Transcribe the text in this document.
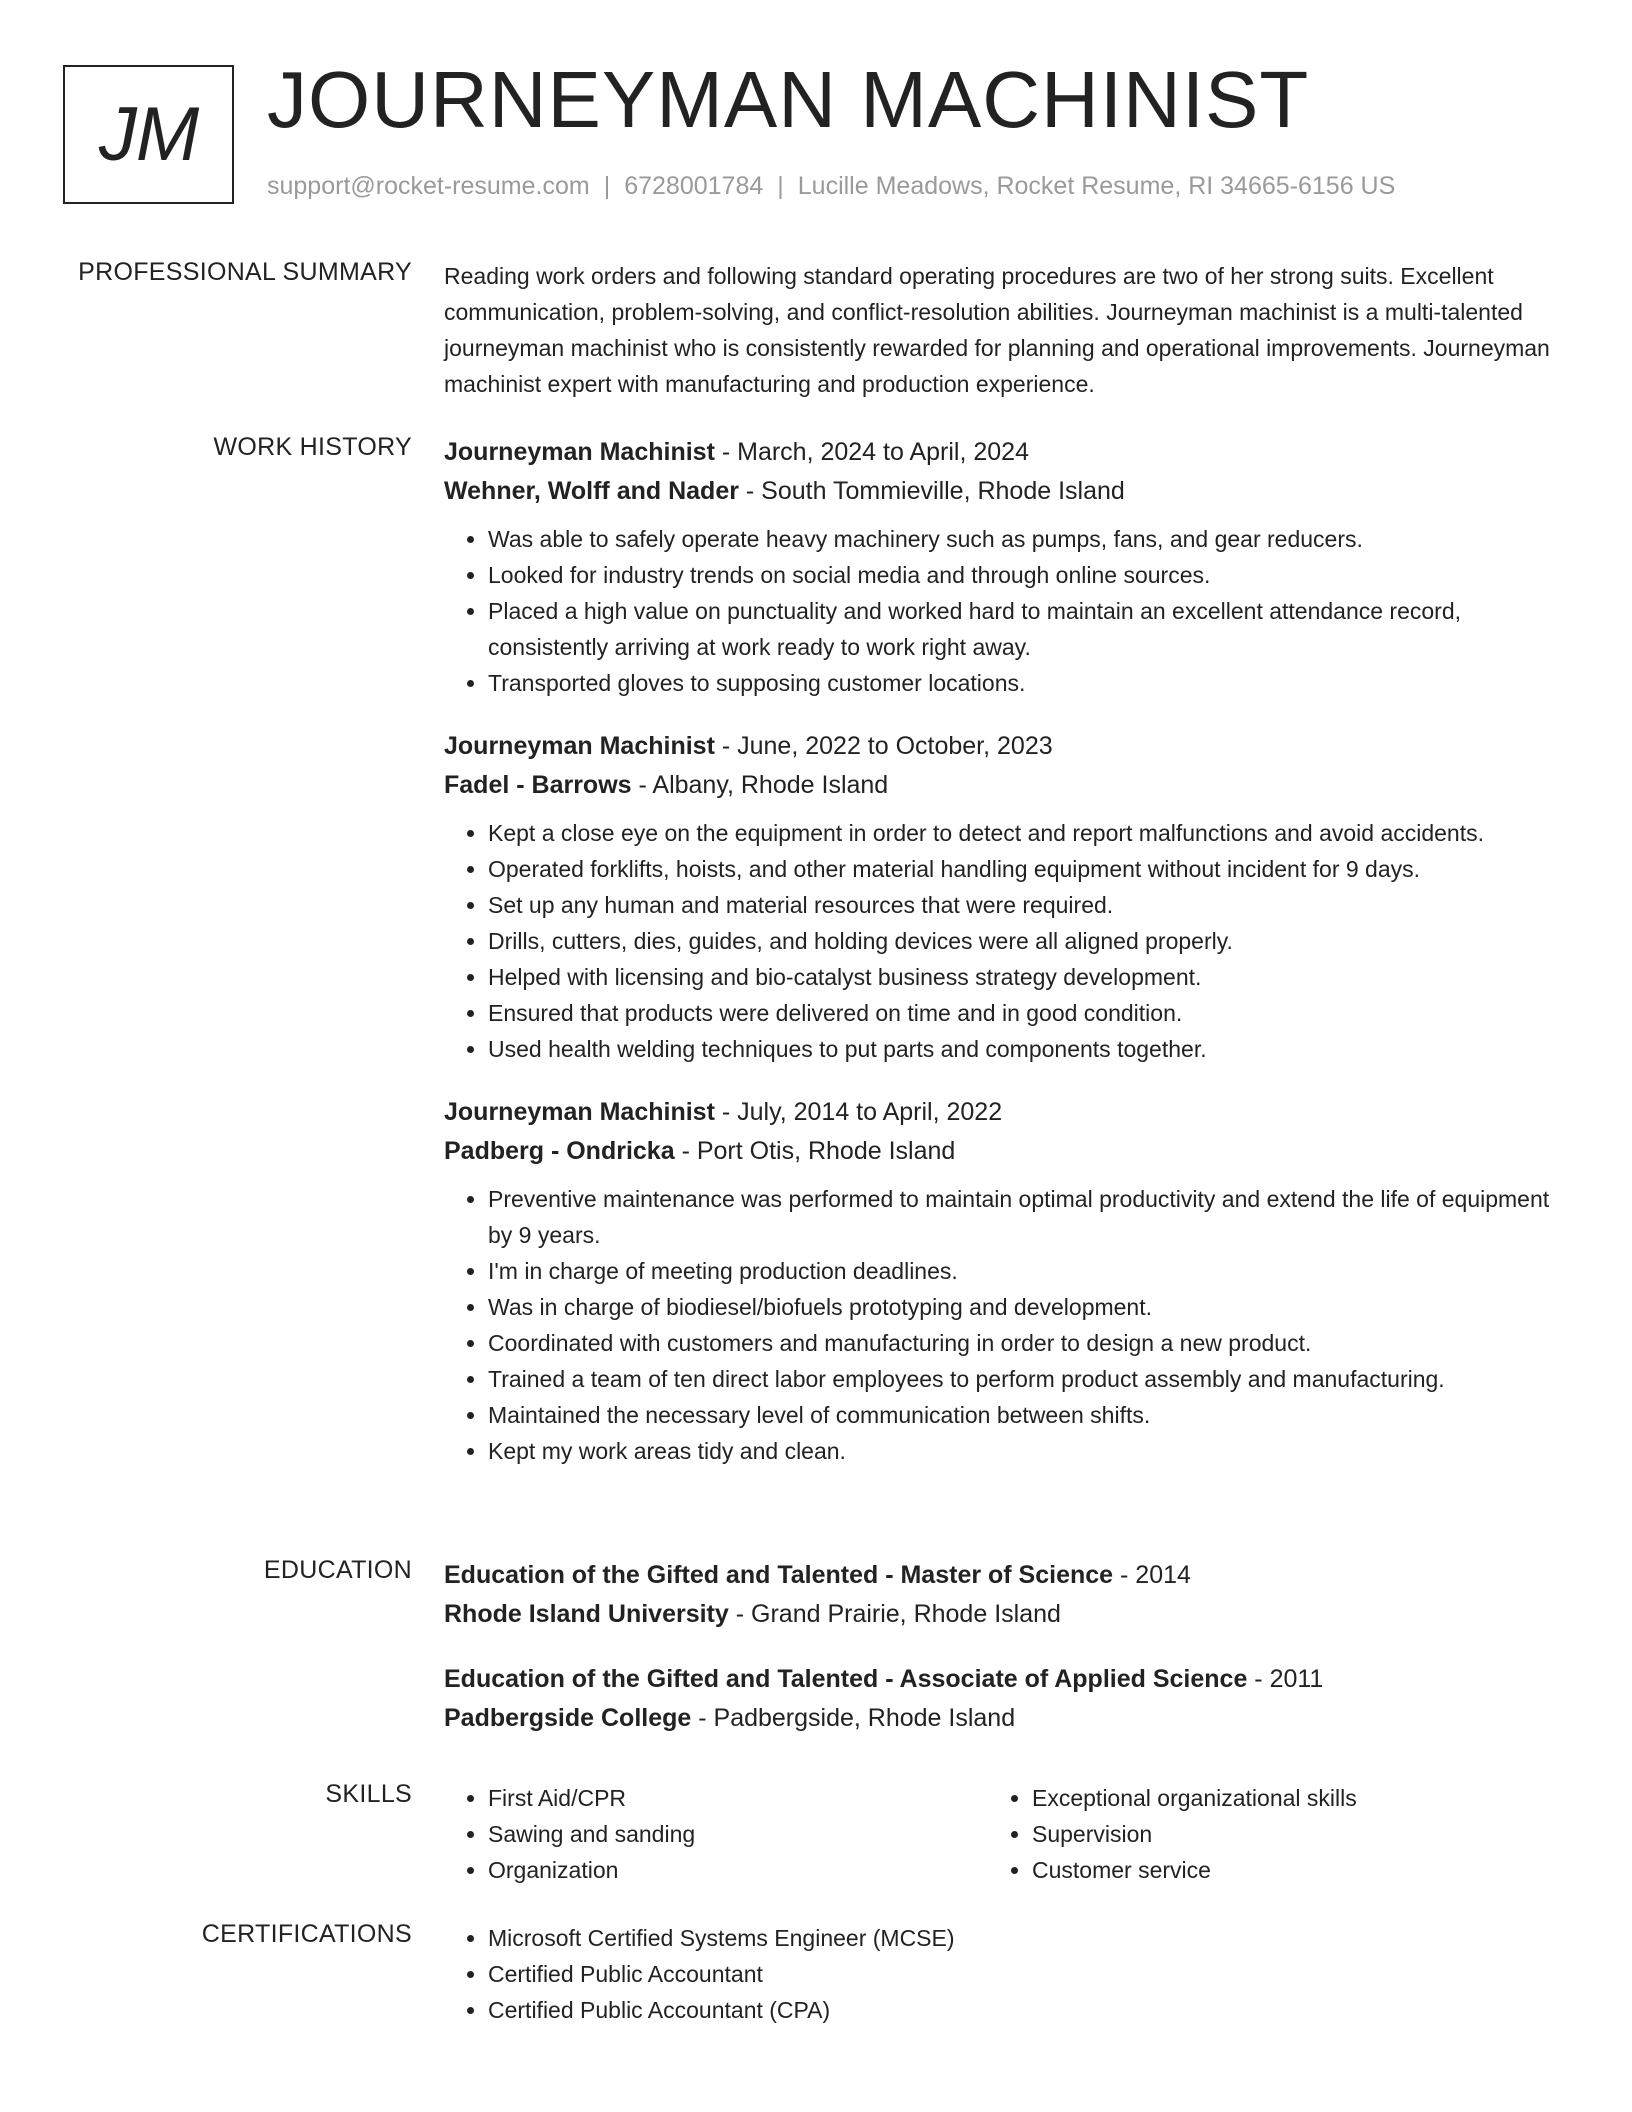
JM JOURNEYMAN MACHINIST
support@rocket-resume.com | 6728001784 | Lucille Meadows, Rocket Resume, RI 34665-6156 US
PROFESSIONAL SUMMARY Reading work orders and following standard operating procedures are two of her strong suits. Excellent communication, problem-solving, and conflict-resolution abilities. Journeyman machinist is a multi-talented journeyman machinist who is consistently rewarded for planning and operational improvements. Journeyman machinist expert with manufacturing and production experience.

WORK HISTORY Journeyman Machinist - March, 2024 to April, 2024
Wehner, Wolff and Nader - South Tommieville, Rhode Island
• Was able to safely operate heavy machinery such as pumps, fans, and gear reducers.
• Looked for industry trends on social media and through online sources.
• Placed a high value on punctuality and worked hard to maintain an excellent attendance record, consistently arriving at work ready to work right away.
• Transported gloves to supposing customer locations.
Journeyman Machinist - June, 2022 to October, 2023
Fadel - Barrows - Albany, Rhode Island
• Kept a close eye on the equipment in order to detect and report malfunctions and avoid accidents.
• Operated forklifts, hoists, and other material handling equipment without incident for 9 days.
• Set up any human and material resources that were required.
• Drills, cutters, dies, guides, and holding devices were all aligned properly.
• Helped with licensing and bio-catalyst business strategy development.
• Ensured that products were delivered on time and in good condition.
• Used health welding techniques to put parts and components together.
Journeyman Machinist - July, 2014 to April, 2022
Padberg - Ondricka - Port Otis, Rhode Island
• Preventive maintenance was performed to maintain optimal productivity and extend the life of equipment by 9 years.
• I'm in charge of meeting production deadlines.
• Was in charge of biodiesel/biofuels prototyping and development.
• Coordinated with customers and manufacturing in order to design a new product.
• Trained a team of ten direct labor employees to perform product assembly and manufacturing.
• Maintained the necessary level of communication between shifts.
• Kept my work areas tidy and clean.
EDUCATION Education of the Gifted and Talented - Master of Science - 2014
Rhode Island University - Grand Prairie, Rhode Island
Education of the Gifted and Talented - Associate of Applied Science - 2011
Padbergside College - Padbergside, Rhode Island
SKILLS	• First Aid/CPR
• Sawing and sanding
• Organization
• Exceptional organizational skills
• Supervision
• Customer service
CERTIFICATIONS	• Microsoft Certified Systems Engineer (MCSE)
• Certified Public Accountant
• Certified Public Accountant (CPA)
